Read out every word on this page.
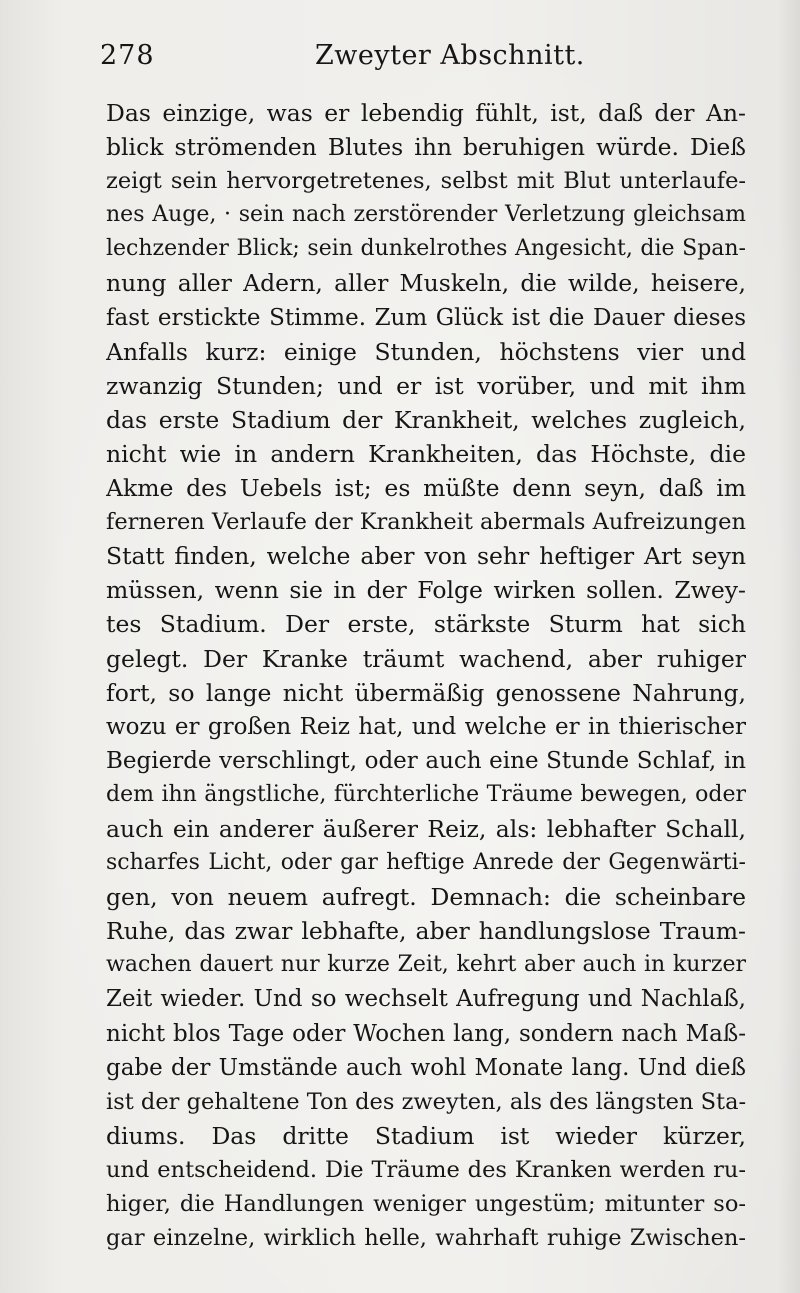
278	Zweyter Abschnitt.
Das einzige, was er lebendig fühlt, ist, daß der An-
blick strömenden Blutes ihn beruhigen würde. Dieß
zeigt sein hervorgetretenes, selbst mit Blut unterlaufe-
nes Auge, · sein nach zerstörender Verletzung gleichsam
lechzender Blick; sein dunkelrothes Angesicht, die Span-
nung aller Adern, aller Muskeln, die wilde, heisere,
fast erstickte Stimme. Zum Glück ist die Dauer dieses
Anfalls kurz: einige Stunden, höchstens vier und
zwanzig Stunden; und er ist vorüber, und mit ihm
das erste Stadium der Krankheit, welches zugleich,
nicht wie in andern Krankheiten, das Höchste, die
Akme des Uebels ist; es müßte denn seyn, daß im
ferneren Verlaufe der Krankheit abermals Aufreizungen
Statt finden, welche aber von sehr heftiger Art seyn
müssen, wenn sie in der Folge wirken sollen. Zwey-
tes Stadium. Der erste, stärkste Sturm hat sich
gelegt. Der Kranke träumt wachend, aber ruhiger
fort, so lange nicht übermäßig genossene Nahrung,
wozu er großen Reiz hat, und welche er in thierischer
Begierde verschlingt, oder auch eine Stunde Schlaf, in
dem ihn ängstliche, fürchterliche Träume bewegen, oder
auch ein anderer äußerer Reiz, als: lebhafter Schall,
scharfes Licht, oder gar heftige Anrede der Gegenwärti-
gen, von neuem aufregt. Demnach: die scheinbare
Ruhe, das zwar lebhafte, aber handlungslose Traum-
wachen dauert nur kurze Zeit, kehrt aber auch in kurzer
Zeit wieder. Und so wechselt Aufregung und Nachlaß,
nicht blos Tage oder Wochen lang, sondern nach Maß-
gabe der Umstände auch wohl Monate lang. Und dieß
ist der gehaltene Ton des zweyten, als des längsten Sta-
diums. Das dritte Stadium ist wieder kürzer,
und entscheidend. Die Träume des Kranken werden ru-
higer, die Handlungen weniger ungestüm; mitunter so-
gar einzelne, wirklich helle, wahrhaft ruhige Zwischen-
